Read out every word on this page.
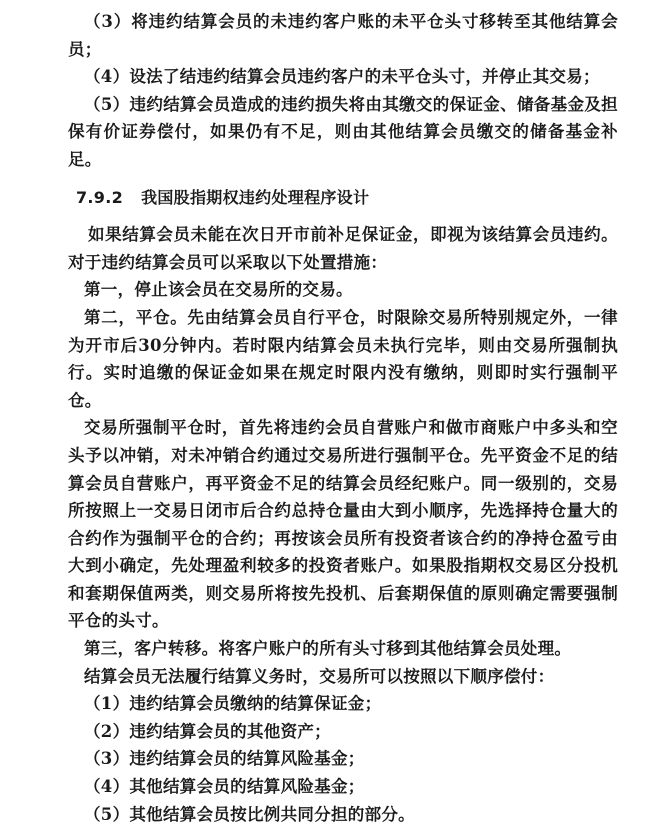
（3）将违约结算会员的未违约客户账的未平仓头寸移转至其他结算会员；

（4）设法了结违约结算会员违约客户的未平仓头寸，并停止其交易；

（5）违约结算会员造成的违约损失将由其缴交的保证金、储备基金及担保有价证券偿付，如果仍有不足，则由其他结算会员缴交的储备基金补足。

7.9.2 我国股指期权违约处理程序设计

如果结算会员未能在次日开市前补足保证金，即视为该结算会员违约。对于违约结算会员可以采取以下处置措施：

第一，停止该会员在交易所的交易。

第二，平仓。先由结算会员自行平仓，时限除交易所特别规定外，一律为开市后30分钟内。若时限内结算会员未执行完毕，则由交易所强制执行。实时追缴的保证金如果在规定时限内没有缴纳，则即时实行强制平仓。

交易所强制平仓时，首先将违约会员自营账户和做市商账户中多头和空头予以冲销，对未冲销合约通过交易所进行强制平仓。先平资金不足的结算会员自营账户，再平资金不足的结算会员经纪账户。同一级别的，交易所按照上一交易日闭市后合约总持仓量由大到小顺序，先选择持仓量大的合约作为强制平仓的合约；再按该会员所有投资者该合约的净持仓盈亏由大到小确定，先处理盈利较多的投资者账户。如果股指期权交易区分投机和套期保值两类，则交易所将按先投机、后套期保值的原则确定需要强制平仓的头寸。

第三，客户转移。将客户账户的所有头寸移到其他结算会员处理。

结算会员无法履行结算义务时，交易所可以按照以下顺序偿付：

（1）违约结算会员缴纳的结算保证金；

（2）违约结算会员的其他资产；

（3）违约结算会员的结算风险基金；

（4）其他结算会员的结算风险基金；

（5）其他结算会员按比例共同分担的部分。
